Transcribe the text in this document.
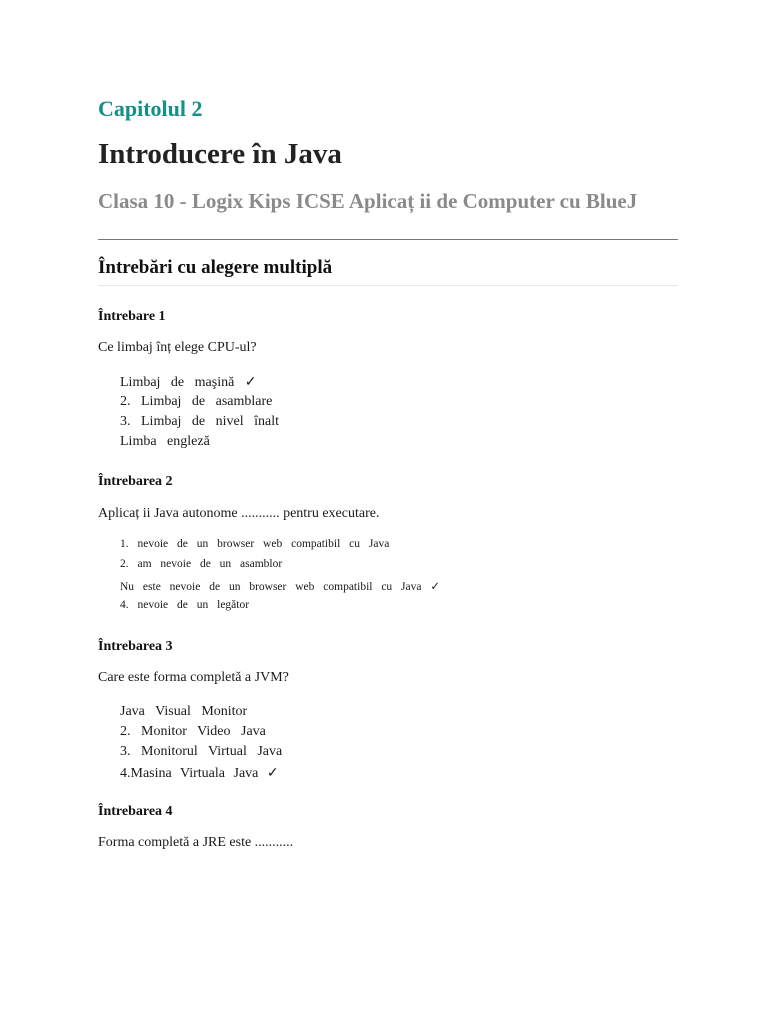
Capitolul 2
Introducere în Java
Clasa 10 - Logix Kips ICSE Aplicaț ii de Computer cu BlueJ
Întrebări cu alegere multiplă
Întrebare 1
Ce limbaj înț elege CPU-ul?
Limbaj de maşină ✓
2. Limbaj de asamblare
3. Limbaj de nivel înalt
Limba engleză
Întrebarea 2
Aplicaț ii Java autonome ........... pentru executare.
1. nevoie de un browser web compatibil cu Java
2. am nevoie de un asamblor
Nu este nevoie de un browser web compatibil cu Java ✓
4. nevoie de un legător
Întrebarea 3
Care este forma completă a JVM?
Java Visual Monitor
2. Monitor Video Java
3. Monitorul Virtual Java
4.Masina Virtuala Java ✓
Întrebarea 4
Forma completă a JRE este ...........
